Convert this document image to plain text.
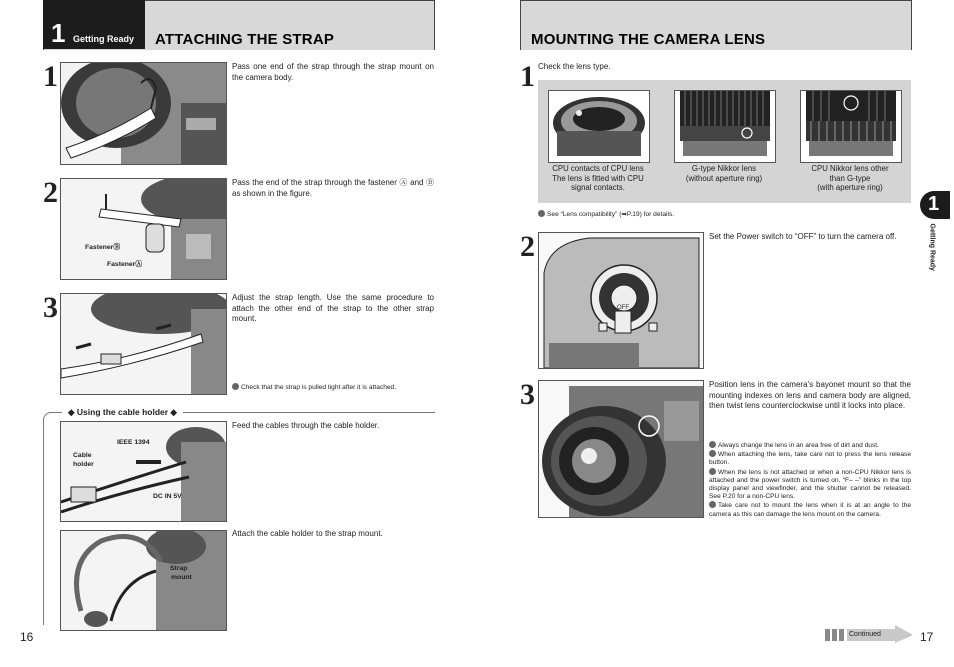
1 Getting Ready ATTACHING THE STRAP
1	Pass one end of the strap through the strap mount on the camera body.
2
FastenerⒷ
FastenerⒶ
Pass the end of the strap through the fastener Ⓐ and Ⓑ as shown in the figure.
3	Adjust the strap length. Use the same procedure to attach the other end of the strap to the other strap mount.
Check that the strap is pulled tight after it is attached.
◆ Using the cable holder ◆
IEEE 1394
Cable
holder
DC IN 5V
Feed the cables through the cable holder.
Strap
mount
Attach the cable holder to the strap mount.
16
MOUNTING THE CAMERA LENS
1 Check the lens type.
CPU contacts of CPU lens
The lens is fitted with CPU
signal contacts.
G-type Nikkor lens
(without aperture ring)
CPU Nikkor lens other
than G-type
(with aperture ring)
See “Lens compatibility” (➡P.19) for details.
2
OFF
Set the Power switch to “OFF” to turn the camera off.
3	Position lens in the camera’s bayonet mount so that the mounting indexes on lens and camera body are aligned, then twist lens counterclockwise until it locks into place.
Always change the lens in an area free of dirt and dust.
When attaching the lens, take care not to press the lens release button.
When the lens is not attached or when a non-CPU Nikkor lens is attached and the power switch is turned on, “F– –” blinks in the top display panel and viewfinder, and the shutter cannot be released. See P.20 for a non-CPU lens.
Take care not to mount the lens when it is at an angle to the camera as this can damage the lens mount on the camera.
1
Getting Ready
Continued	17
